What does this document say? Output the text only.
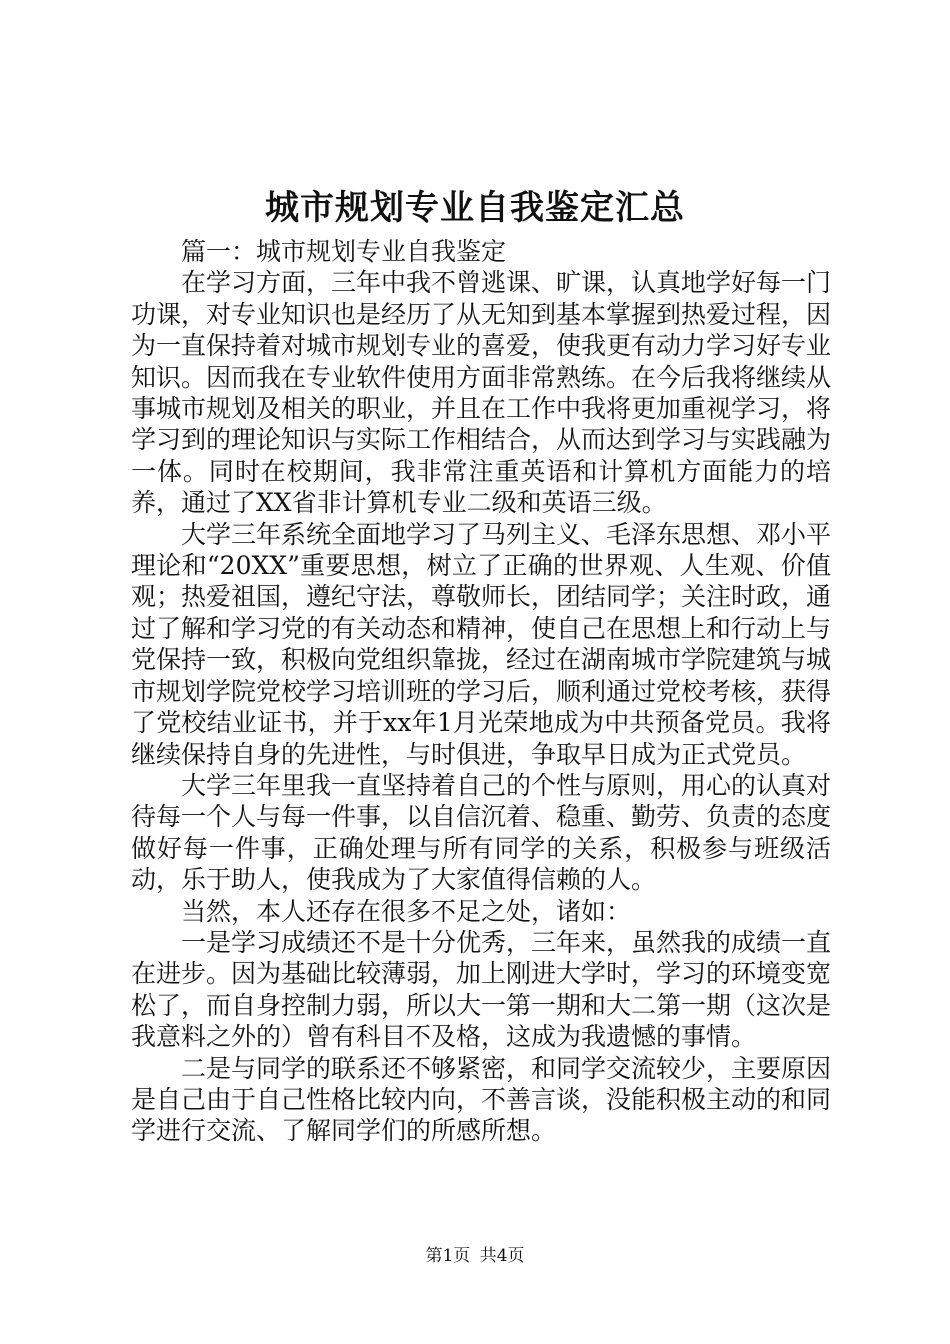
城市规划专业自我鉴定汇总

篇一：城市规划专业自我鉴定

在学习方面，三年中我不曾逃课、旷课，认真地学好每一门功课，对专业知识也是经历了从无知到基本掌握到热爱过程，因为一直保持着对城市规划专业的喜爱，使我更有动力学习好专业知识。因而我在专业软件使用方面非常熟练。在今后我将继续从事城市规划及相关的职业，并且在工作中我将更加重视学习，将学习到的理论知识与实际工作相结合，从而达到学习与实践融为一体。同时在校期间，我非常注重英语和计算机方面能力的培养，通过了XX省非计算机专业二级和英语三级。

大学三年系统全面地学习了马列主义、毛泽东思想、邓小平理论和“20XX”重要思想，树立了正确的世界观、人生观、价值观；热爱祖国，遵纪守法，尊敬师长，团结同学；关注时政，通过了解和学习党的有关动态和精神，使自己在思想上和行动上与党保持一致，积极向党组织靠拢，经过在湖南城市学院建筑与城市规划学院党校学习培训班的学习后，顺利通过党校考核，获得了党校结业证书，并于xx年1月光荣地成为中共预备党员。我将继续保持自身的先进性，与时俱进，争取早日成为正式党员。

大学三年里我一直坚持着自己的个性与原则，用心的认真对待每一个人与每一件事，以自信沉着、稳重、勤劳、负责的态度做好每一件事，正确处理与所有同学的关系，积极参与班级活动，乐于助人，使我成为了大家值得信赖的人。

当然，本人还存在很多不足之处，诸如：

一是学习成绩还不是十分优秀，三年来，虽然我的成绩一直在进步。因为基础比较薄弱，加上刚进大学时，学习的环境变宽松了，而自身控制力弱，所以大一第一期和大二第一期（这次是我意料之外的）曾有科目不及格，这成为我遗憾的事情。

二是与同学的联系还不够紧密，和同学交流较少，主要原因是自己由于自己性格比较内向，不善言谈，没能积极主动的和同学进行交流、了解同学们的所感所想。

第1页 共4页
